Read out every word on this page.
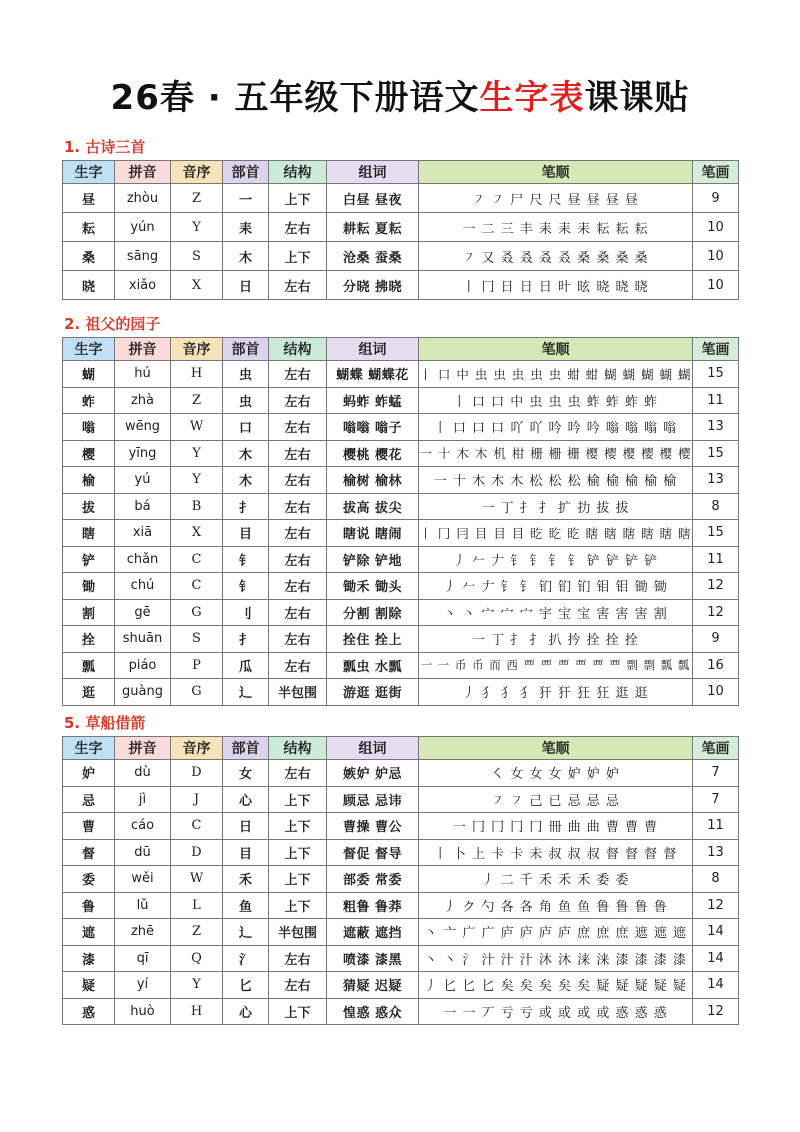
26春 · 五年级下册语文生字表课课贴
1. 古诗三首
生字	拼音	音序	部首	结构	组词	笔顺	笔画
昼	zhòu	Z	一	上下	白昼 昼夜	㇇ ㇇ 尸 尺 尺 昼 昼 昼 昼	9
耘	yún	Y	耒	左右	耕耘 夏耘	一 二 三 丰 耒 耒 耒 耘 耘 耘	10
桑	sāng	S	木	上下	沧桑 蚕桑	㇇ 又 叒 叒 叒 叒 桑 桑 桑 桑	10
晓	xiǎo	X	日	左右	分晓 拂晓	丨 冂 日 日 日 旪 昡 晓 晓 晓	10
2. 祖父的园子
生字	拼音	音序	部首	结构	组词	笔顺	笔画
蝴	hú	H	虫	左右	蝴蝶 蝴蝶花	丨 口 中 虫 虫 虫 虫 虫 蚶 蚶 蝴 蝴 蝴 蝴 蝴	15
蚱	zhà	Z	虫	左右	蚂蚱 蚱蜢	丨 口 口 中 虫 虫 虫 蚱 蚱 蚱 蚱	11
嗡	wēng	W	口	左右	嗡嗡 嗡子	丨 口 口 口 吖 吖 吟 吟 吟 嗡 嗡 嗡 嗡	13
樱	yīng	Y	木	左右	樱桃 樱花	一 十 木 木 机 柑 栅 栅 栅 樱 樱 樱 樱 樱 樱	15
榆	yú	Y	木	左右	榆树 榆林	一 十 木 木 木 松 松 松 榆 榆 榆 榆 榆	13
拔	bá	B	扌	左右	拔高 拔尖	一 丁 扌 扌 扩 扐 拔 拔	8
瞎	xiā	X	目	左右	瞎说 瞎闹	丨 冂 冃 目 目 目 盵 盵 盵 瞎 瞎 瞎 瞎 瞎 瞎	15
铲	chǎn	C	钅	左右	铲除 铲地	丿 𠂉 𠂇 钅 钅 钅 钅 铲 铲 铲 铲	11
锄	chú	C	钅	左右	锄禾 锄头	丿 𠂉 𠂇 钅 钅 钔 钔 钔 钼 钼 锄 锄	12
割	gē	G	刂	左右	分割 割除	丶 丶 宀 宀 宀 宇 宝 宝 害 害 害 割	12
拴	shuān	S	扌	左右	拴住 拴上	一 丁 扌 扌 扒 扲 拴 拴 拴	9
瓢	piáo	P	瓜	左右	瓢虫 水瓢	一 一 币 币 而 西 覀 覀 覀 覀 覀 覀 剽 剽 瓢 瓢	16
逛	guàng	G	辶	半包围	游逛 逛街	丿 犭 犭 犭 犴 犴 狂 狂 逛 逛	10
5. 草船借箭
生字	拼音	音序	部首	结构	组词	笔顺	笔画
妒	dù	D	女	左右	嫉妒 妒忌	㇛ 女 女 女 妒 妒 妒	7
忌	jì	J	心	上下	顾忌 忌讳	㇇ ㇇ 己 已 忌 忌 忌	7
曹	cáo	C	日	上下	曹操 曹公	一 冂 冂 冂 冂 冊 曲 曲 曹 曹 曹	11
督	dū	D	目	上下	督促 督导	丨 卜 上 卡 卡 未 叔 叔 叔 督 督 督 督	13
委	wěi	W	禾	上下	部委 常委	丿 二 千 禾 禾 禾 委 委	8
鲁	lǔ	L	鱼	上下	粗鲁 鲁莽	丿 ク 勺 各 各 角 鱼 鱼 鲁 鲁 鲁 鲁	12
遮	zhē	Z	辶	半包围	遮蔽 遮挡	丶 亠 广 广 庐 庐 庐 庐 庶 庶 庶 遮 遮 遮	14
漆	qī	Q	氵	左右	喷漆 漆黑	丶 丶 氵 汁 汁 汁 沐 沐 涞 涞 漆 漆 漆 漆	14
疑	yí	Y	匕	左右	猜疑 迟疑	丿 匕 匕 匕 矣 矣 矣 矣 矣 疑 疑 疑 疑 疑	14
惑	huò	H	心	上下	惶惑 惑众	一 一 丆 亏 亏 或 或 或 或 惑 惑 惑	12
